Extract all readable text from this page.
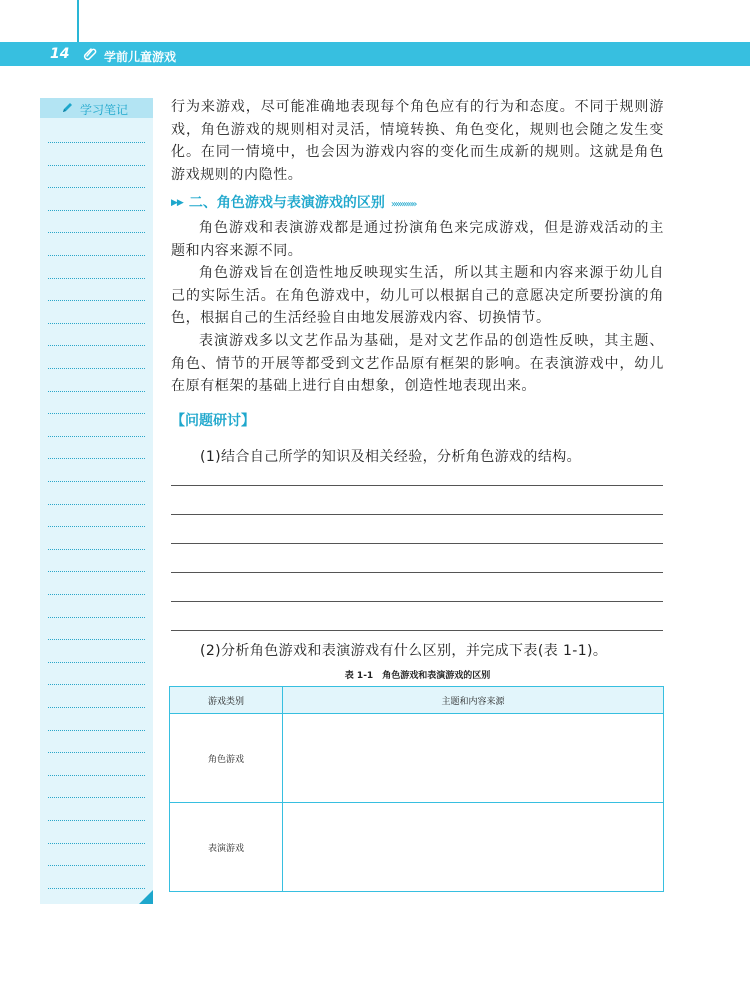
14	学前儿童游戏
学习笔记	行为来游戏，尽可能准确地表现每个角色应有的行为和态度。不同于规则游戏，角色游戏的规则相对灵活，情境转换、角色变化，规则也会随之发生变化。在同一情境中，也会因为游戏内容的变化而生成新的规则。这就是角色游戏规则的内隐性。

▶▶ 二、角色游戏与表演游戏的区别 »»»»»»

角色游戏和表演游戏都是通过扮演角色来完成游戏，但是游戏活动的主题和内容来源不同。

角色游戏旨在创造性地反映现实生活，所以其主题和内容来源于幼儿自己的实际生活。在角色游戏中，幼儿可以根据自己的意愿决定所要扮演的角色，根据自己的生活经验自由地发展游戏内容、切换情节。

表演游戏多以文艺作品为基础，是对文艺作品的创造性反映，其主题、角色、情节的开展等都受到文艺作品原有框架的影响。在表演游戏中，幼儿在原有框架的基础上进行自由想象，创造性地表现出来。

【问题研讨】
(1)结合自己所学的知识及相关经验，分析角色游戏的结构。
(2)分析角色游戏和表演游戏有什么区别，并完成下表(表 1-1)。
表 1-1　角色游戏和表演游戏的区别
游戏类别	主题和内容来源
角色游戏	
表演游戏	
